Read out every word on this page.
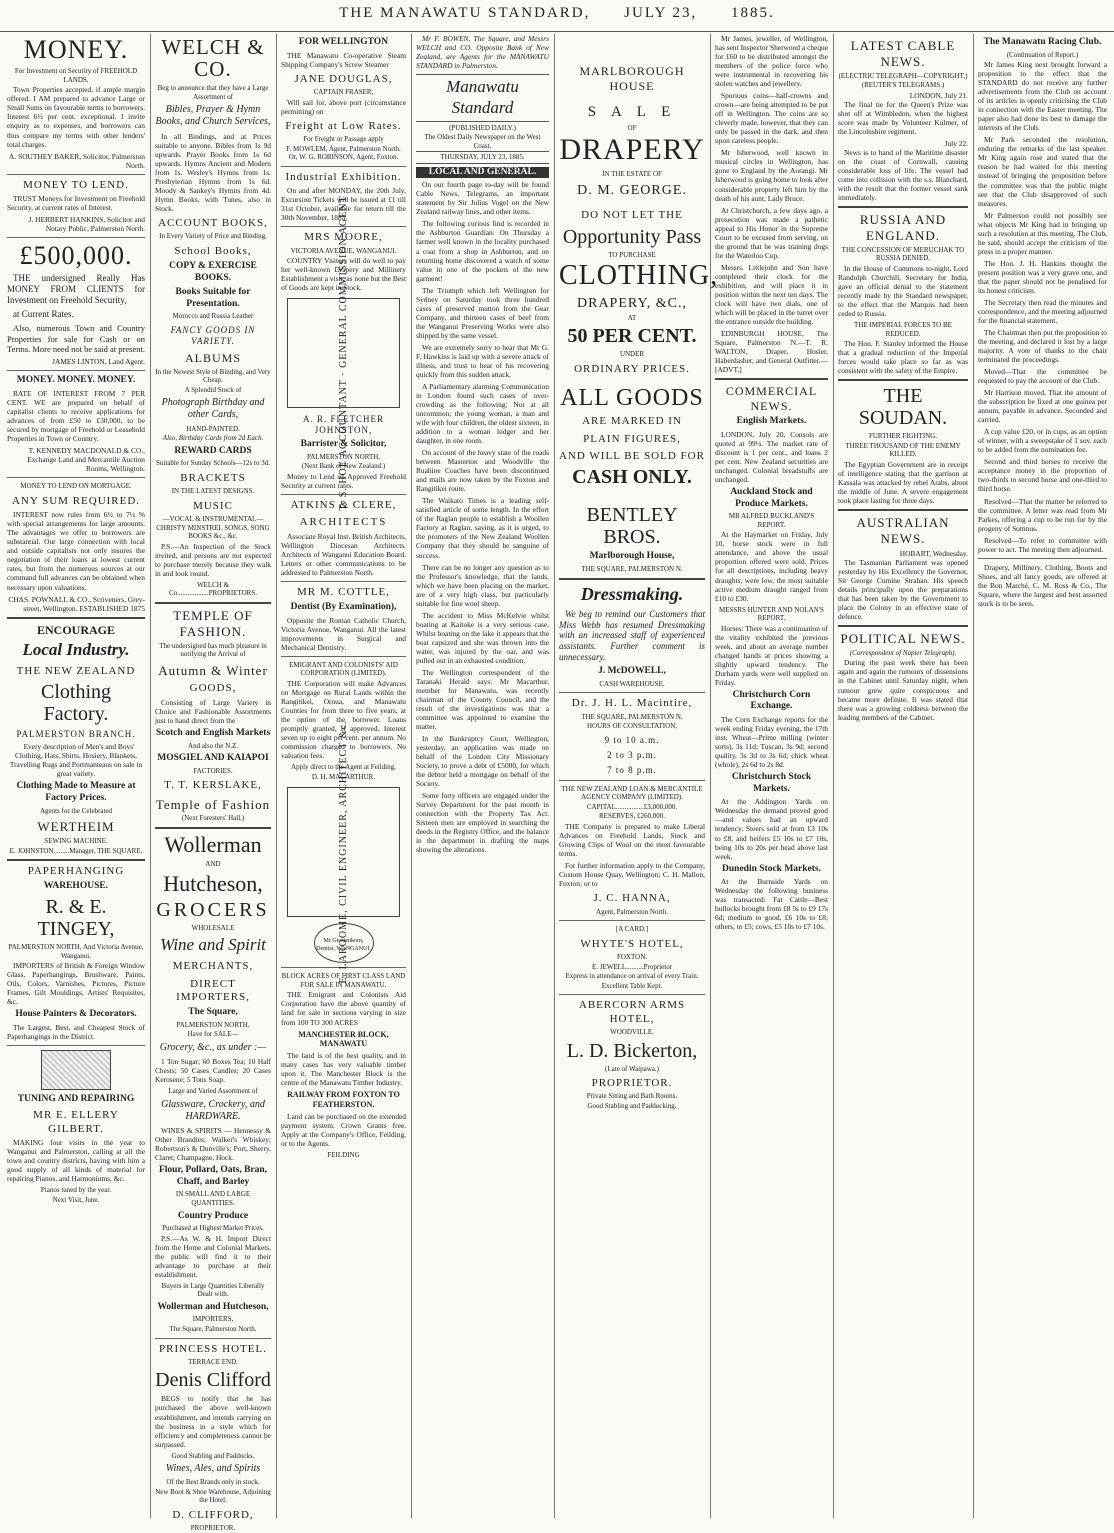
THE MANAWATU STANDARD, JULY 23, 1885.
MONEY.
For Investment on Security of FREEHOLD LANDS.
Town Properties accepted, if ample margin offered. I AM prepared to advance Large or Small Sums on favourable terms to borrowers. Interest 6½ per cent. exceptional. I invite enquiry as to expenses, and borrowers can thus compare my terms with other lenders' total charges.
A. SOUTHEY BAKER, Solicitor, Palmerston North.
MONEY TO LEND.
TRUST Moneys for Investment on Freehold Security, at current rates of Interest.
J. HERBERT HANKINS, Solicitor and Notary Public, Palmerston North.
£500,000.
THE undersigned Really Has MONEY FROM CLIENTS for Investment on Freehold Security,
at Current Rates.
Also, numerous Town and Country Properties for sale for Cash or on Terms. More need not be said at present.
JAMES LINTON, Land Agent.
MONEY. MONEY. MONEY.
RATE OF INTEREST FROM 7 PER CENT. WE are prepared on behalf of capitalist clients to receive applications for advances of from £50 to £30,000, to be secured by mortgage of Freehold or Leasehold Properties in Town or Country.
T. KENNEDY MACDONALD & CO., Exchange Land and Mercantile Auction Rooms, Wellington.
MONEY TO LEND ON MORTGAGE.
ANY SUM REQUIRED.
INTEREST now rules from 6½ to 7½ % with special arrangements for large amounts. The advantages we offer to borrowers are substantial. Our large connection with local and outside capitalists not only insures the negotiation of their loans at lowest current rates, but from the numerous sources at our command full advances can be obtained when necessary upon valuations.
CHAS. POWNALL & CO., Scriveners, Grey-street, Wellington. ESTABLISHED 1875
ENCOURAGE
Local Industry.
THE NEW ZEALAND
Clothing Factory.
PALMERSTON BRANCH.
Every description of Men's and Boys' Clothing, Hats, Shirts, Hosiery, Blankets, Travelling Rugs and Portmanteaus on sale in great variety.
Clothing Made to Measure at Factory Prices.
Agents for the Celebrated
WERTHEIM
SEWING MACHINE.
E. JOHNSTON.........Manager, THE SQUARE.
PAPERHANGING
WAREHOUSE.
R. & E. TINGEY,
PALMERSTON NORTH, And Victoria Avenue, Wanganui.
IMPORTERS of British & Foreign Window Glass, Paperhangings, Brushware, Paints, Oils, Colors, Varnishes, Pictures, Picture Frames, Gilt Mouldings, Artists' Requisites, &c.
House Painters & Decorators.
The Largest, Best, and Cheapest Stock of Paperhangings in the District.
TUNING AND REPAIRING
MR E. ELLERY GILBERT.
MAKING four visits in the year to Wanganui and Palmerston, calling at all the town and country districts, having with him a good supply of all kinds of material for repairing Pianos, and Harmoniums, &c.
Pianos tuned by the year.
Next Visit, June.
WELCH & CO.
Beg to announce that they have a Large Assortment of
Bibles, Prayer & Hymn Books, and Church Services,
In all Bindings, and at Prices suitable to anyone. Bibles from 1s 9d upwards. Prayer Books from 1s 6d upwards. Hymns Ancient and Modern from 1s. Wesley's Hymns from 1s. Presbyterian Hymns from 1s 6d. Moody & Sankey's Hymns from 4d. Hymn Books, with Tunes, also in Stock.
ACCOUNT BOOKS,
In Every Variety of Price and Binding.
School Books,
COPY & EXERCISE BOOKS.
Books Suitable for Presentation.
Morocco and Russia Leather
FANCY GOODS IN VARIETY.
ALBUMS
In the Newest Style of Binding, and Very Cheap.
A Splendid Stock of
Photograph Birthday and other Cards,
HAND-PAINTED.
Also, Birthday Cards from 2d Each.
REWARD CARDS
Suitable for Sunday Schools—12s to 3d.
BRACKETS
IN THE LATEST DESIGNS.
MUSIC
—VOCAL & INSTRUMENTAL— CHRISTY MINSTREL SONGS, SONG BOOKS &c., &c.
P.S.—An Inspection of the Stock invited, and persons are not expected to purchase merely because they walk in and look round.
WELCH & Co..................PROPRIETORS.
TEMPLE OF FASHION.
The undersigned has much pleasure in notifying the Arrival of
Autumn & Winter
GOODS,
Consisting of Large Variety in Choice and Fashionable Assortments just to hand direct from the
Scotch and English Markets
And also the N.Z.
MOSGIEL AND KAIAPOI
FACTORIES.
T. T. KERSLAKE,
Temple of Fashion
(Next Foresters' Hall.)
Wollerman
AND
Hutcheson,
GROCERS
WHOLESALE
Wine and Spirit
MERCHANTS,
DIRECT IMPORTERS,
The Square,
PALMERSTON NORTH.
Have for SALE—
Grocery, &c., as under :—
1 Ton Sugar; 60 Boxes Tea; 10 Half Chests; 50 Cases Candles; 20 Cases Kerosene; 5 Tons Soap.
Large and Varied Assortment of
Glassware, Crockery, and HARDWARE.
WINES & SPIRITS — Hennessy & Other Brandies; Walker's Whiskey; Robertson's & Dunville's; Port, Sherry, Claret; Champagne, Hock.
Flour, Pollard, Oats, Bran, Chaff, and Barley
IN SMALL AND LARGE QUANTITIES.
Country Produce
Purchased at Highest Market Prices.
P.S.—As W. & H. Import Direct from the Home and Colonial Markets, the public will find it to their advantage to purchase at their establishment.
Buyers in Large Quantities Liberally Dealt with.
Wollerman and Hutcheson,
IMPORTERS,
The Square, Palmerston North.
PRINCESS HOTEL.
TERRACE END.
Denis Clifford
BEGS to notify that he has purchased the above well-known establishment, and intends carrying on the business in a style which for efficiency and completeness cannot be surpassed.
Good Stabling and Paddocks.
Wines, Ales, and Spirits
Of the Best Brands only in stock.
New Boot & Shoe Warehouse, Adjoining the Hotel.
D. CLIFFORD,
PROPRIETOR.
FOR WELLINGTON
THE Manawatu Co-operative Steam Shipping Company's Screw Steamer
JANE DOUGLAS,
CAPTAIN FRASER,
Will sail for, above port (circumstance permitting) on
Freight at Low Rates.
For Freight or Passage apply
F. MOWLEM, Agent, Palmerston North. Or, W. G. ROBINSON, Agent, Foxton.
Industrial Exhibition.
On and after MONDAY, the 20th July, Excursion Tickets will be issued at £1 till 31st October, available for return till the 30th November, 1885.
MRS MOORE,
VICTORIA AVENUE, WANGANUI.
COUNTRY Visitors will do well to pay her well-known Drapery and Millinery Establishment a visit, as none but the Best of Goods are kept in Stock.
T. S. HOE ACCOUNTANT · GENERAL COMMISSION AGENT
A. R. FLETCHER JOHNSTON,
Barrister & Solicitor,
PALMERSTON NORTH,
(Next Bank of New Zealand.)
Money to Lend on Approved Freehold Security at current rates.
ATKINS & CLERE,
ARCHITECTS
Associate Royal Inst. British Architects, Wellington Diocesan Architects. Architects of Wanganui Education Board. Letters or other communications to be addressed to Palmerston North.
MR M. COTTLE,
Dentist (By Examination),
Opposite the Roman Catholic Church, Victoria Avenue, Wanganui. All the latest improvements in Surgical and Mechanical Dentistry.
EMIGRANT AND COLONISTS' AID CORPORATION (LIMITED).
THE Corporation will make Advances on Mortgage on Rural Lands within the Rangitikei, Oroua, and Manawatu Counties for from three to five years, at the option of the borrower. Loans promptly granted, if approved. Interest seven up to eight per cent. per annum. No commission charged to borrowers. No valuation fees.
Apply direct to the Agent at Feilding,
D. H. MACARTHUR.
E. LAROOME, CIVIL ENGINEER, ARCHITECT &c.
Mr Gerstenkorn, Dentist, WANGANUI.
BLOCK ACRES OF FIRST CLASS LAND FOR SALE IN MANAWATU.
THE Emigrant and Colonists Aid Corporation have the above quantity of land for sale in sections varying in size from 100 TO 300 ACRES
MANCHESTER BLOCK, MANAWATU
The land is of the best quality, and in many cases has very valuable timber upon it. The Manchester Block is the centre of the Manawatu Timber Industry.
RAILWAY FROM FOXTON TO FEATHERSTON.
Land can be purchased on the extended payment system. Crown Grants free. Apply at the Company's Office, Feilding, or to the Agents.
FEILDING
Mr F. BOWEN, The Square, and Messrs WELCH and CO. Opposite Bank of New Zealand, are Agents for the MANAWATU STANDARD in Palmerston.
Manawatu Standard
(PUBLISHED DAILY.)
The Oldest Daily Newspaper on the West Coast.
THURSDAY, JULY 23, 1885.
LOCAL AND GENERAL.
On our fourth page to-day will be found Cable News, Telegrams, an important statement by Sir Julius Vogel on the New Zealand railway lines, and other items.
The following curious find is recorded in the Ashburton Guardian: On Thursday a farmer well known in the locality purchased a coat from a shop in Ashburton, and on returning home discovered a watch of some value in one of the pockets of the new garment!
The Triumph which left Wellington for Sydney on Saturday took three hundred cases of preserved mutton from the Gear Company, and thirteen cases of beef from the Wanganui Preserving Works were also shipped by the same vessel.
We are extremely sorry to hear that Mr G. F. Hawkins is laid up with a severe attack of illness, and trust to hear of his recovering quickly from this sudden attack.
A Parliamentary alarming Communication in London found such cases of over-crowding as the following: Not at all uncommon; the young woman, a man and wife with four children, the oldest sixteen, in addition to a woman lodger and her daughter, in one room.
On account of the heavy state of the roads between Masterton and Woodville the Ruahine Coaches have been discontinued and mails are now taken by the Foxton and Rangitikei route.
The Waikato Times is a leading self-satisfied article of some length. In the effort of the Raglan people to establish a Woollen Factory at Raglan, saying, as it is urged, to the promoters of the New Zealand Woollen Company that they should be sanguine of success.
There can be no longer any question as to the Professor's knowledge, that the lands, which we have been placing on the market, are of a very high class, but particularly suitable for fine wool sheep.
The accident to Miss McKelvie whilst boating at Kaitoke is a very serious case. Whilst boating on the lake it appears that the boat capsized and she was thrown into the water, was injured by the oar, and was pulled out in an exhausted condition.
The Wellington correspondent of the Taranaki Herald says: Mr Macarthur, member for Manawatu, was recently chairman of the County Council, and the result of the investigations was that a committee was appointed to examine the matter.
In the Bankruptcy Court, Wellington, yesterday, an application was made on behalf of the London City Missionary Society, to prove a debt of £5000, for which the debtor held a mortgage on behalf of the Society.
Some forty officers are engaged under the Survey Department for the past month in connection with the Property Tax Act. Sixteen men are employed in searching the deeds in the Registry Office, and the balance in the department in drafting the maps showing the alterations.
MARLBOROUGH HOUSE
S A L E
OF
DRAPERY
IN THE ESTATE OF
D. M. GEORGE.
DO NOT LET THE
Opportunity Pass
TO PURCHASE
CLOTHING,
DRAPERY, &C.,
AT
50 PER CENT.
UNDER
ORDINARY PRICES.
ALL GOODS
ARE MARKED IN
PLAIN FIGURES,
AND WILL BE SOLD FOR
CASH ONLY.
BENTLEY BROS.
Marlborough House,
THE SQUARE, PALMERSTON N.
Dressmaking.
We beg to remind our Customers that Miss Webb has resumed Dressmaking with an increased staff of experienced assistants. Further comment is unnecessary.
J. McDOWELL,
CASH WAREHOUSE.
Dr. J. H. L. Macintire,
THE SQUARE, PALMERSTON N.
HOURS OF CONSULTATION,
9 to 10 a.m.
2 to 3 p.m.
7 to 8 p.m.
THE NEW ZEALAND LOAN & MERCANTILE AGENCY COMPANY (LIMITED).
CAPITAL................£3,000,000.
RESERVES, £260,000.
THE Company is prepared to make Liberal Advances on Freehold Lands, Stock and Growing Clips of Wool on the most favourable terms.
For further information apply to the Company, Custom House Quay, Wellington; C. H. Mallon, Foxton; or to
J. C. HANNA,
Agent, Palmerston North.
[A CARD.]
WHYTE'S HOTEL,
FOXTON.
E. JEWELL..........Proprietor
Express in attendance on arrival of every Train.
Excellent Table Kept.
ABERCORN ARMS HOTEL,
WOODVILLE.
L. D. Bickerton,
(Late of Waipawa.)
PROPRIETOR.
Private Sitting and Bath Rooms.
Good Stabling and Paddocking.
Mr James, jeweller, of Wellington, has sent Inspector Sherwood a cheque for £60 to be distributed amongst the members of the police force who were instrumental in recovering his stolen watches and jewellery.
Spurious coins—half-crowns and crown—are being attempted to be put off in Wellington. The coins are so cleverly made, however, that they can only be passed in the dark, and then upon careless people.
Mr Isherwood, well known in musical circles in Wellington, has gone to England by the Aorangi. Mr Isherwood is going home to look after considerable property left him by the death of his aunt, Lady Bruce.
At Christchurch, a few days ago, a prosecution was made a pathetic appeal to His Honor in the Supreme Court to be excused from serving, on the ground that he was training dogs for the Waterloo Cup.
Messrs. Littlejohn and Son have completed their clock for the exhibition, and will place it in position within the next ten days. The clock will have two dials, one of which will be placed in the turret over the entrance outside the building.
EDINBURGH HOUSE, The Square, Palmerston N.—T. R. WALTON, Draper, Hosier, Haberdasher, and General Outfitter.—[ADVT.]
COMMERCIAL NEWS.
English Markets.
LONDON, July 20. Consols are quoted at 99¼. The market rate of discount is 1 per cent., and loans 2 per cent. New Zealand securities are unchanged. Colonial breadstuffs are unchanged.
Auckland Stock and Produce Markets.
MR ALFRED BUCKLAND'S REPORT.
At the Haymarket on Friday, July 10, horse stock were in full attendance, and above the usual proportion offered were sold. Prices for all descriptions, including heavy draughts, were low, the most suitable active medium draught ranged from £10 to £30.
MESSRS HUNTER AND NOLAN'S REPORT.
Horses: There was a continuation of the vitality exhibited the previous week, and about an average number changed hands at prices showing a slightly upward tendency. The Durham yards were well supplied on Friday.
Christchurch Corn Exchange.
The Corn Exchange reports for the week ending Friday evening, the 17th inst. Wheat—Prime milling (winter sorts), 3s 11d; Tuscan, 3s 9d; second quality, 3s 3d to 3s 6d; chick wheat (whole), 2s 6d to 2s 8d.
Christchurch Stock Markets.
At the Addington Yards on Wednesday the demand proved good—and values had an upward tendency. Steers sold at from £3 10s to £8, and heifers £5 10s to £7 10s, being 10s to 20s per head above last week.
Dunedin Stock Markets.
At the Burnside Yards on Wednesday the following business was transacted: Fat Cattle—Best bullocks brought from £8 5s to £9 17s 6d; medium to good, £6 10s to £8; others, to £5; cows, £5 10s to £7 10s.
LATEST CABLE NEWS.
(ELECTRIC TELEGRAPH—COPYRIGHT.)
(REUTER'S TELEGRAMS.)
LONDON, July 21.
The final tie for the Queen's Prize was shot off at Wimbledon, when the highest score was made by Volunteer Kulmer, of the Lincolnshire regiment.
July 22.
News is to hand of the Maritime disaster on the coast of Cornwall, causing considerable loss of life. The vessel had come into collision with the s.s. Blanchard, with the result that the former vessel sank immediately.
RUSSIA AND ENGLAND.
THE CONCESSION OF MERUCHAK TO RUSSIA DENIED.
In the House of Commons to-night, Lord Randolph Churchill, Secretary for India, gave an official denial to the statement recently made by the Standard newspaper, to the effect that the Marquis had been ceded to Russia.
THE IMPERIAL FORCES TO BE REDUCED.
The Hon. F. Stanley informed the House that a gradual reduction of the Imperial forces would take place so far as was consistent with the safety of the Empire.
THE SOUDAN.
FURTHER FIGHTING.
THREE THOUSAND OF THE ENEMY KILLED.
The Egyptian Government are in receipt of intelligence stating that the garrison at Kassala was attacked by rebel Arabs, about the middle of June. A severe engagement took place lasting for three days.
AUSTRALIAN NEWS.
HOBART, Wednesday.
The Tasmanian Parliament was opened yesterday by His Excellency the Governor, Sir George Cumine Strahan. His speech details principally upon the preparations that has been taken by the Government to place the Colony in an effective state of defence.
POLITICAL NEWS.
(Correspondent of Napier Telegraph).
During the past week there has been again and again the rumours of dissensions in the Cabinet until Saturday night, when rumour grew quite conspicuous and became more definite. It was stated that there was a growing coldness between the leading members of the Cabinet.
The Manawatu Racing Club.
(Continuation of Report.)
Mr James King next brought forward a proposition to the effect that the STANDARD do not receive any further advertisements from the Club on account of its articles in openly criticising the Club in connection with the Easter meeting. The paper also had done its best to damage the interests of the Club.
Mr Park seconded the resolution, enduring the remarks of the last speaker. Mr King again rose and stated that the reason he had waited for this meeting instead of bringing the proposition before the committee was that the public might see that the Club disapproved of such measures.
Mr Palmerson could not possibly see what objects Mr King had in bringing up such a resolution at this meeting. The Club, he said, should accept the criticism of the press in a proper manner.
The Hon. J. H. Hankins thought the present position was a very grave one, and that the paper should not be penalised for its honest criticism.
The Secretary then read the minutes and correspondence, and the meeting adjourned for the financial statement.
The Chairman then put the proposition to the meeting, and declared it lost by a large majority. A vote of thanks to the chair terminated the proceedings.
Moved—That the committee be requested to pay the account of the Club.
Mr Harrison moved, That the amount of the subscription be fixed at one guinea per annum, payable in advance. Seconded and carried.
A cup value £20, or in cups, as an option of winner, with a sweepstake of 1 sov. each to be added from the nomination fee.
Second and third horses to receive the acceptance money in the proportion of two-thirds to second horse and one-third to third horse.
Resolved—That the matter be referred to the committee. A letter was read from Mr Parkes, offering a cup to be run for by the progeny of Somnus.
Resolved—To refer to committee with power to act. The meeting then adjourned.
Drapery, Millinery, Clothing, Boots and Shoes, and all fancy goods, are offered at the Bon Marché, C. M. Ross & Co., The Square, where the largest and best assorted stock is to be seen.
